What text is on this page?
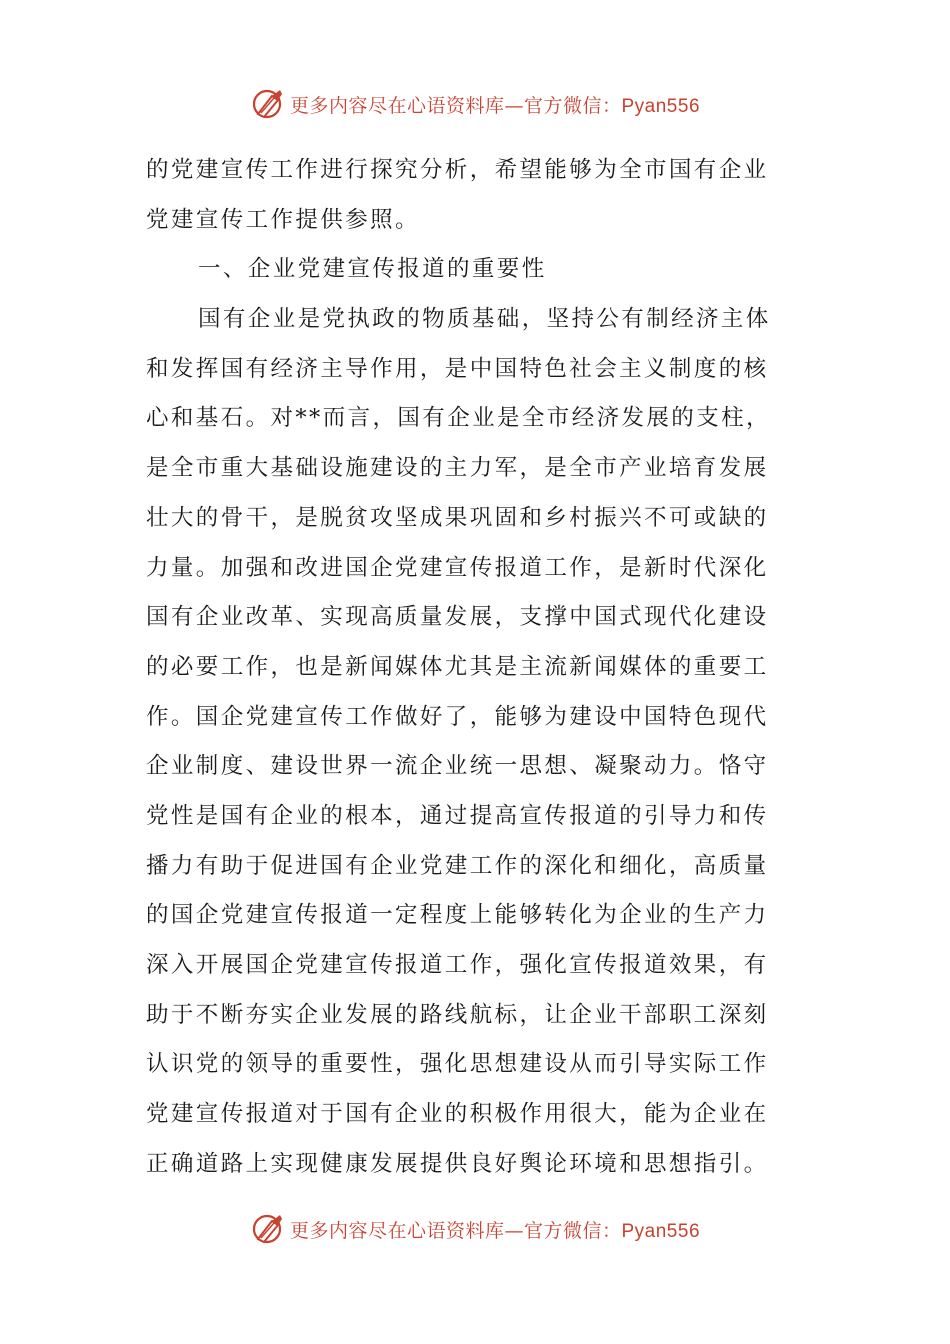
更多内容尽在心语资料库—官方微信：Pyan556
的党建宣传工作进行探究分析，希望能够为全市国有企业
党建宣传工作提供参照。
一、企业党建宣传报道的重要性
国有企业是党执政的物质基础，坚持公有制经济主体
和发挥国有经济主导作用，是中国特色社会主义制度的核
心和基石。对**而言，国有企业是全市经济发展的支柱，
是全市重大基础设施建设的主力军，是全市产业培育发展
壮大的骨干，是脱贫攻坚成果巩固和乡村振兴不可或缺的
力量。加强和改进国企党建宣传报道工作，是新时代深化
国有企业改革、实现高质量发展，支撑中国式现代化建设
的必要工作，也是新闻媒体尤其是主流新闻媒体的重要工
作。国企党建宣传工作做好了，能够为建设中国特色现代
企业制度、建设世界一流企业统一思想、凝聚动力。恪守
党性是国有企业的根本，通过提高宣传报道的引导力和传
播力有助于促进国有企业党建工作的深化和细化，高质量
的国企党建宣传报道一定程度上能够转化为企业的生产力
深入开展国企党建宣传报道工作，强化宣传报道效果，有
助于不断夯实企业发展的路线航标，让企业干部职工深刻
认识党的领导的重要性，强化思想建设从而引导实际工作
党建宣传报道对于国有企业的积极作用很大，能为企业在
正确道路上实现健康发展提供良好舆论环境和思想指引。
更多内容尽在心语资料库—官方微信：Pyan556
